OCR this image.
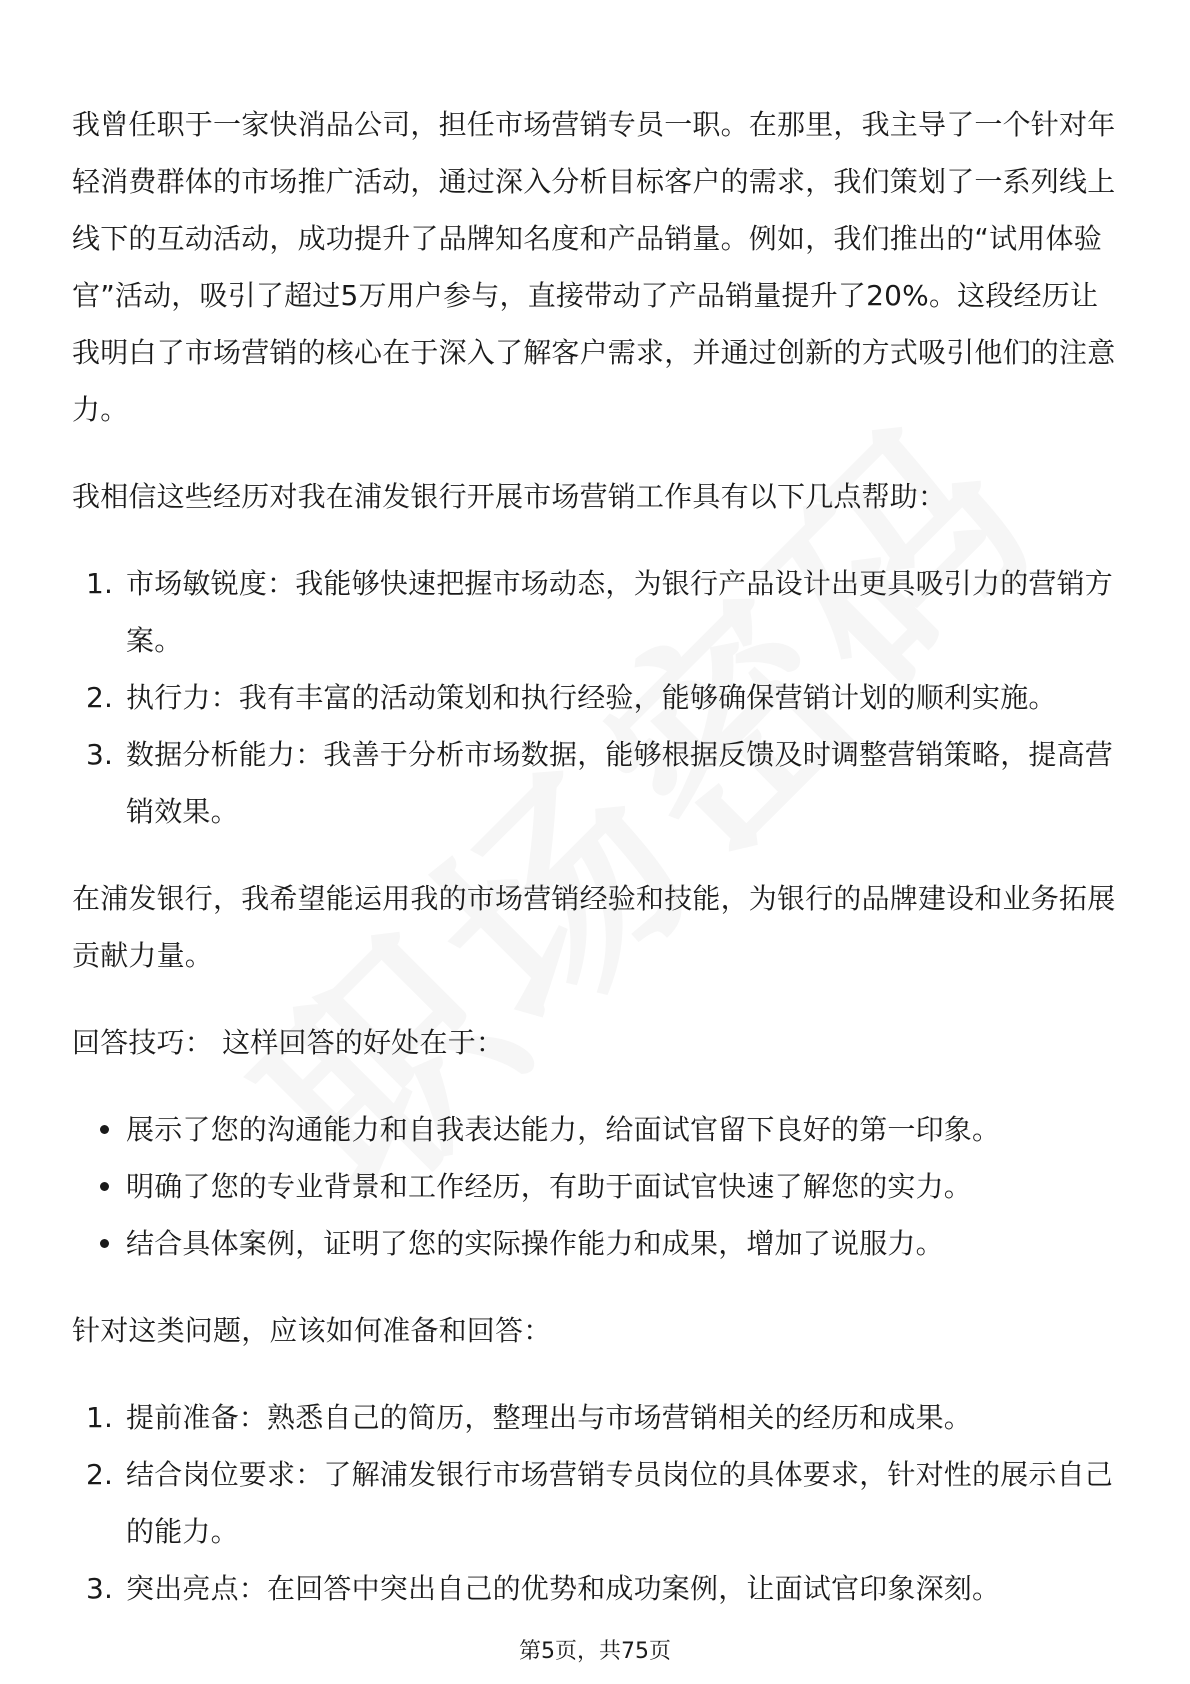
我曾任职于一家快消品公司，担任市场营销专员一职。在那里，我主导了一个针对年轻消费群体的市场推广活动，通过深入分析目标客户的需求，我们策划了一系列线上线下的互动活动，成功提升了品牌知名度和产品销量。例如，我们推出的“试用体验官”活动，吸引了超过5万用户参与，直接带动了产品销量提升了20%。这段经历让我明白了市场营销的核心在于深入了解客户需求，并通过创新的方式吸引他们的注意力。

我相信这些经历对我在浦发银行开展市场营销工作具有以下几点帮助：

1. 市场敏锐度：我能够快速把握市场动态，为银行产品设计出更具吸引力的营销方案。
2. 执行力：我有丰富的活动策划和执行经验，能够确保营销计划的顺利实施。
3. 数据分析能力：我善于分析市场数据，能够根据反馈及时调整营销策略，提高营销效果。

在浦发银行，我希望能运用我的市场营销经验和技能，为银行的品牌建设和业务拓展贡献力量。

回答技巧： 这样回答的好处在于：

展示了您的沟通能力和自我表达能力，给面试官留下良好的第一印象。
明确了您的专业背景和工作经历，有助于面试官快速了解您的实力。
结合具体案例，证明了您的实际操作能力和成果，增加了说服力。

针对这类问题，应该如何准备和回答：

1. 提前准备：熟悉自己的简历，整理出与市场营销相关的经历和成果。
2. 结合岗位要求：了解浦发银行市场营销专员岗位的具体要求，针对性的展示自己的能力。
3. 突出亮点：在回答中突出自己的优势和成功案例，让面试官印象深刻。
第5页，共75页
